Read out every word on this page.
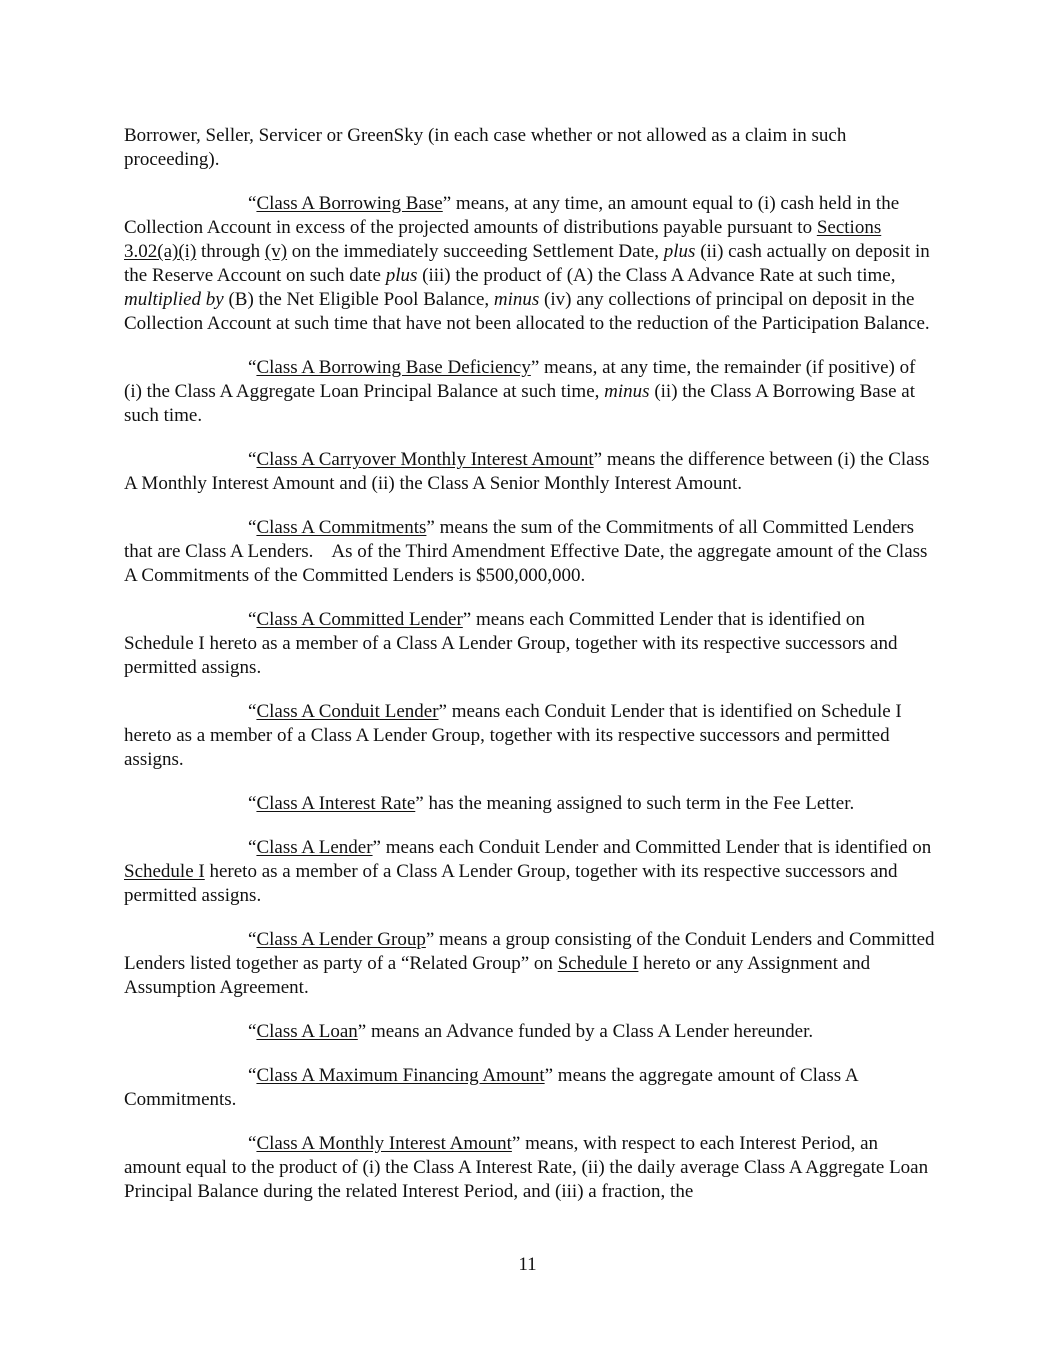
Borrower, Seller, Servicer or GreenSky (in each case whether or not allowed as a claim in such proceeding).

“Class A Borrowing Base” means, at any time, an amount equal to (i) cash held in the Collection Account in excess of the projected amounts of distributions payable pursuant to Sections 3.02(a)(i) through (v) on the immediately succeeding Settlement Date, plus (ii) cash actually on deposit in the Reserve Account on such date plus (iii) the product of (A) the Class A Advance Rate at such time, multiplied by (B) the Net Eligible Pool Balance, minus (iv) any collections of principal on deposit in the Collection Account at such time that have not been allocated to the reduction of the Participation Balance.

“Class A Borrowing Base Deficiency” means, at any time, the remainder (if positive) of (i) the Class A Aggregate Loan Principal Balance at such time, minus (ii) the Class A Borrowing Base at such time.

“Class A Carryover Monthly Interest Amount” means the difference between (i) the Class A Monthly Interest Amount and (ii) the Class A Senior Monthly Interest Amount.

“Class A Commitments” means the sum of the Commitments of all Committed Lenders that are Class A Lenders.    As of the Third Amendment Effective Date, the aggregate amount of the Class A Commitments of the Committed Lenders is $500,000,000.

“Class A Committed Lender” means each Committed Lender that is identified on Schedule I hereto as a member of a Class A Lender Group, together with its respective successors and permitted assigns.

“Class A Conduit Lender” means each Conduit Lender that is identified on Schedule I hereto as a member of a Class A Lender Group, together with its respective successors and permitted assigns.

“Class A Interest Rate” has the meaning assigned to such term in the Fee Letter.

“Class A Lender” means each Conduit Lender and Committed Lender that is identified on Schedule I hereto as a member of a Class A Lender Group, together with its respective successors and permitted assigns.

“Class A Lender Group” means a group consisting of the Conduit Lenders and Committed Lenders listed together as party of a “Related Group” on Schedule I hereto or any Assignment and Assumption Agreement.

“Class A Loan” means an Advance funded by a Class A Lender hereunder.

“Class A Maximum Financing Amount” means the aggregate amount of Class A Commitments.

“Class A Monthly Interest Amount” means, with respect to each Interest Period, an amount equal to the product of (i) the Class A Interest Rate, (ii) the daily average Class A Aggregate Loan Principal Balance during the related Interest Period, and (iii) a fraction, the

11
